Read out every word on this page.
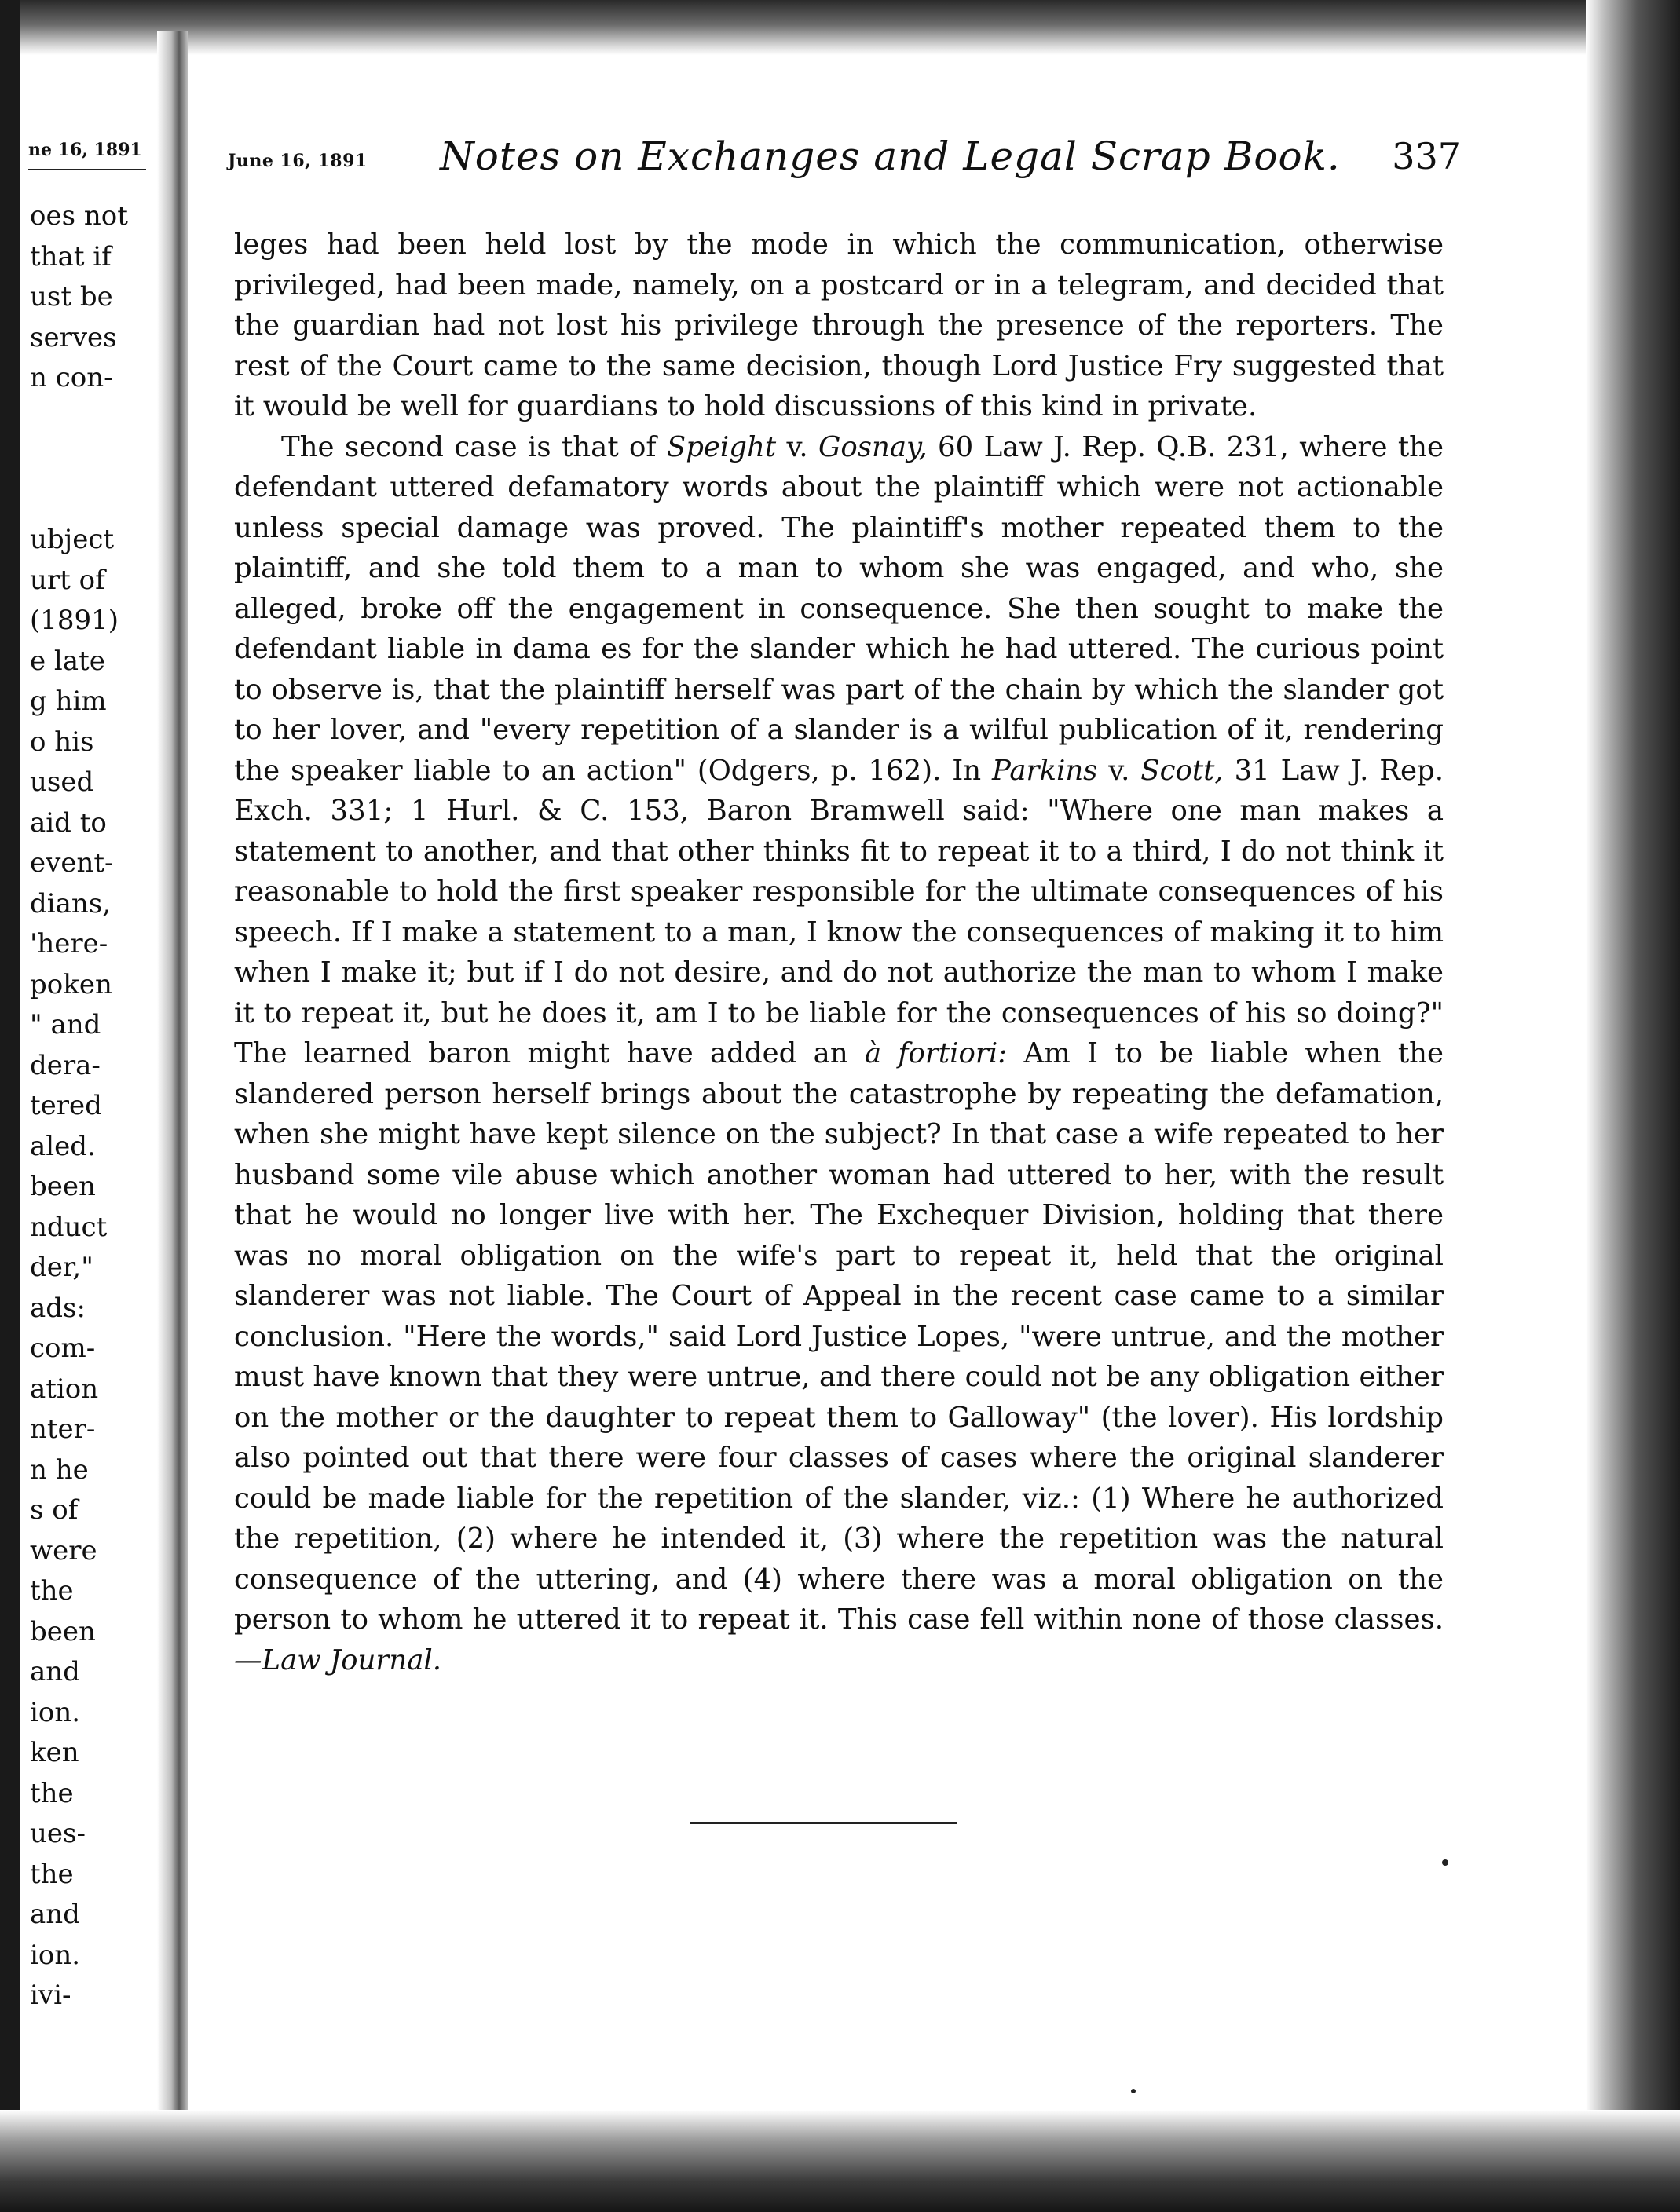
ne 16, 1891
oes not
that if
ust be
serves
n con-
ubject
urt of
(1891)
e late
g him
o his
used
aid to
event-
dians,
'here-
poken
" and
dera-
tered
aled.
been
nduct
der,"
ads:
com-
ation
nter-
n he
s of
were
the
been
and
ion.
ken
the
ues-
the
and
ion.
ivi-
June 16, 1891 Notes on Exchanges and Legal Scrap Book. 337

leges had been held lost by the mode in which the communication, otherwise privileged, had been made, namely, on a postcard or in a telegram, and decided that the guardian had not lost his privilege through the presence of the reporters. The rest of the Court came to the same decision, though Lord Justice Fry suggested that it would be well for guardians to hold discussions of this kind in private.

The second case is that of Speight v. Gosnay, 60 Law J. Rep. Q.B. 231, where the defendant uttered defamatory words about the plaintiff which were not actionable unless special damage was proved. The plaintiff's mother repeated them to the plaintiff, and she told them to a man to whom she was engaged, and who, she alleged, broke off the engagement in consequence. She then sought to make the defendant liable in dama es for the slander which he had uttered. The curious point to observe is, that the plaintiff herself was part of the chain by which the slander got to her lover, and "every repetition of a slander is a wilful publication of it, rendering the speaker liable to an action" (Odgers, p. 162). In Parkins v. Scott, 31 Law J. Rep. Exch. 331; 1 Hurl. & C. 153, Baron Bramwell said: "Where one man makes a statement to another, and that other thinks fit to repeat it to a third, I do not think it reasonable to hold the first speaker responsible for the ultimate consequences of his speech. If I make a statement to a man, I know the consequences of making it to him when I make it; but if I do not desire, and do not authorize the man to whom I make it to repeat it, but he does it, am I to be liable for the consequences of his so doing?" The learned baron might have added an à fortiori: Am I to be liable when the slandered person herself brings about the catastrophe by repeating the defamation, when she might have kept silence on the subject? In that case a wife repeated to her husband some vile abuse which another woman had uttered to her, with the result that he would no longer live with her. The Exchequer Division, holding that there was no moral obligation on the wife's part to repeat it, held that the original slanderer was not liable. The Court of Appeal in the recent case came to a similar conclusion. "Here the words," said Lord Justice Lopes, "were untrue, and the mother must have known that they were untrue, and there could not be any obligation either on the mother or the daughter to repeat them to Galloway" (the lover). His lordship also pointed out that there were four classes of cases where the original slanderer could be made liable for the repetition of the slander, viz.: (1) Where he authorized the repetition, (2) where he intended it, (3) where the repetition was the natural consequence of the uttering, and (4) where there was a moral obligation on the person to whom he uttered it to repeat it. This case fell within none of those classes.—Law Journal.
